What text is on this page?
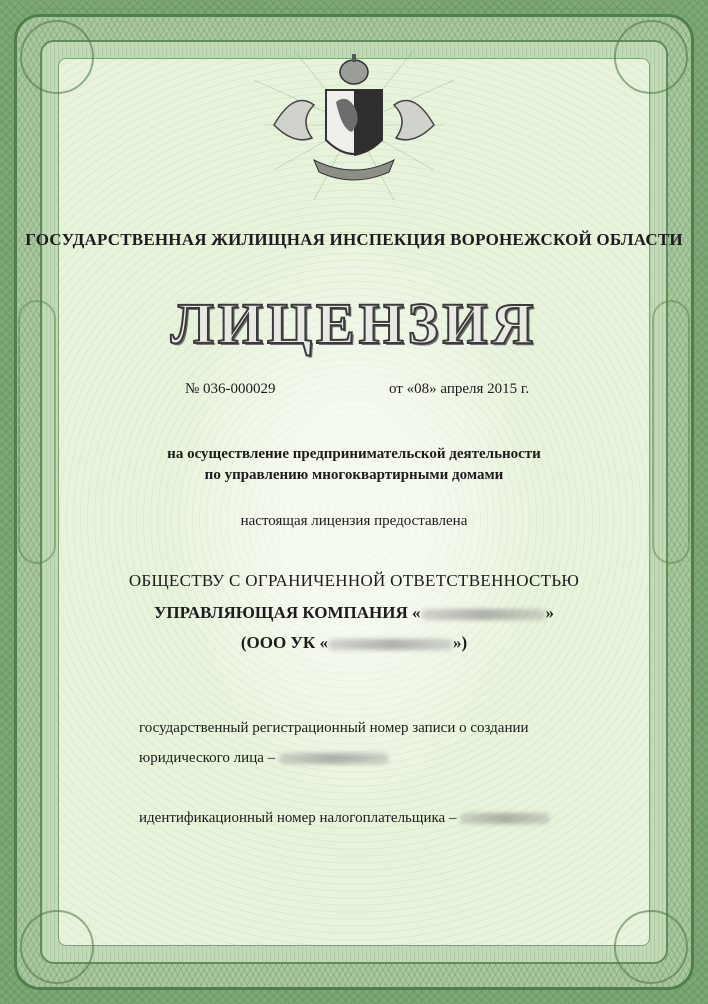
ГОСУДАРСТВЕННАЯ ЖИЛИЩНАЯ ИНСПЕКЦИЯ ВОРОНЕЖСКОЙ ОБЛАСТИ
ЛИЦЕНЗИЯ
№ 036-000029	от «08» апреля 2015 г.
на осуществление предпринимательской деятельности
по управлению многоквартирными домами
настоящая лицензия предоставлена
ОБЩЕСТВУ С ОГРАНИЧЕННОЙ ОТВЕТСТВЕННОСТЬЮ
УПРАВЛЯЮЩАЯ КОМПАНИЯ «	»
(ООО УК «	»)
государственный регистрационный номер записи о создании
юридического лица –
идентификационный номер налогоплательщика –
